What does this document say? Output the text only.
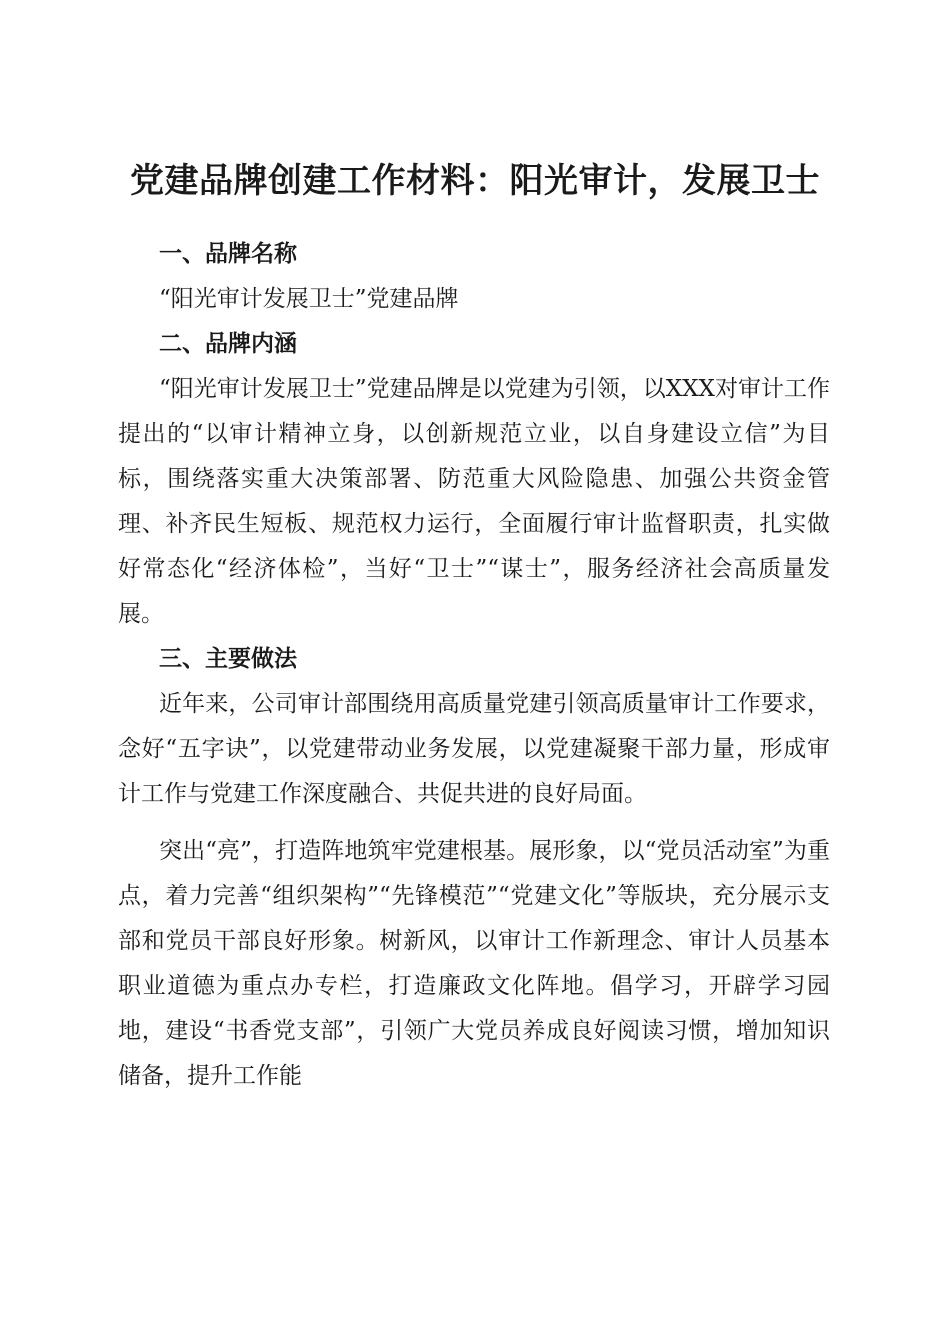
党建品牌创建工作材料：阳光审计，发展卫士
一、品牌名称

“阳光审计发展卫士”党建品牌

二、品牌内涵

“阳光审计发展卫士”党建品牌是以党建为引领，以XXX对审计工作提出的“以审计精神立身，以创新规范立业，以自身建设立信”为目标，围绕落实重大决策部署、防范重大风险隐患、加强公共资金管理、补齐民生短板、规范权力运行，全面履行审计监督职责，扎实做好常态化“经济体检”，当好“卫士”“谋士”，服务经济社会高质量发展。

三、主要做法

近年来，公司审计部围绕用高质量党建引领高质量审计工作要求，念好“五字诀”，以党建带动业务发展，以党建凝聚干部力量，形成审计工作与党建工作深度融合、共促共进的良好局面。

突出“亮”，打造阵地筑牢党建根基。展形象，以“党员活动室”为重点，着力完善“组织架构”“先锋模范”“党建文化”等版块，充分展示支部和党员干部良好形象。树新风，以审计工作新理念、审计人员基本职业道德为重点办专栏，打造廉政文化阵地。倡学习，开辟学习园地，建设“书香党支部”，引领广大党员养成良好阅读习惯，增加知识储备，提升工作能
